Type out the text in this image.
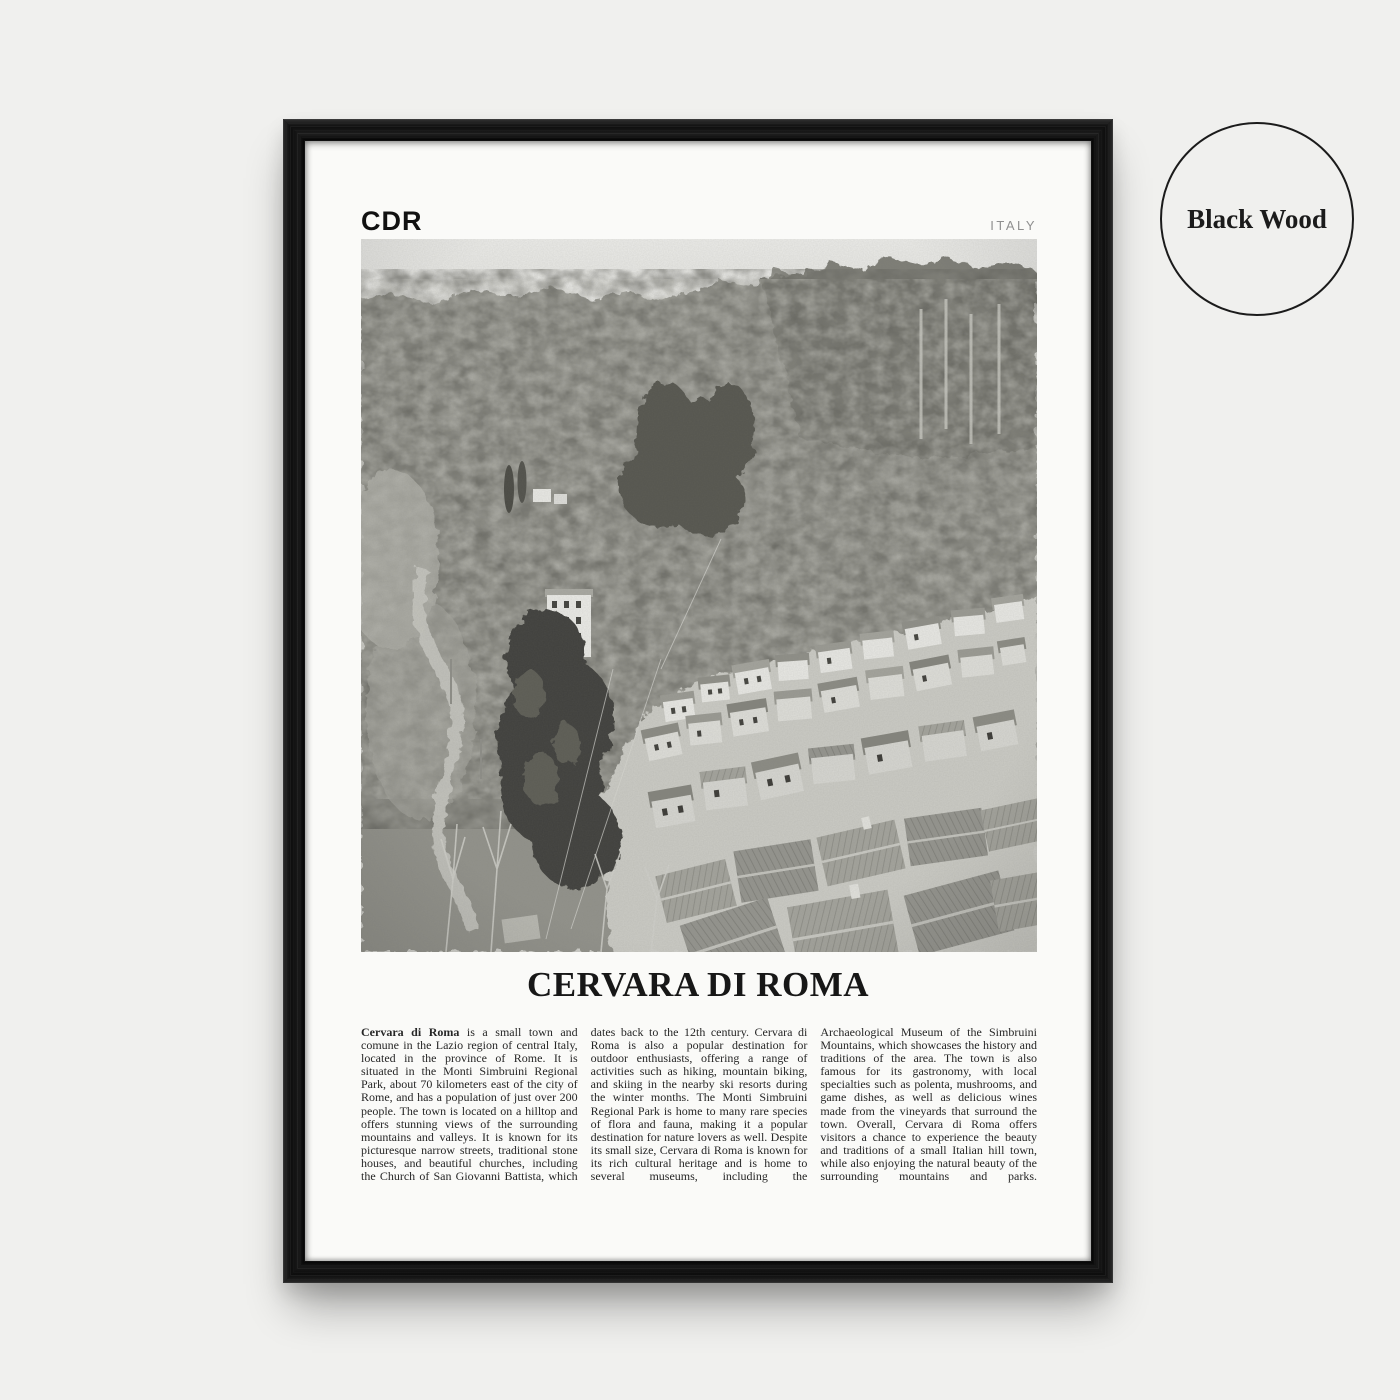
CDR	ITALY
CERVARA DI ROMA
Cervara di Roma is a small town and comune in the Lazio region of central Italy, located in the province of Rome. It is situated in the Monti Simbruini Regional Park, about 70 kilometers east of the city of Rome, and has a population of just over 200 people. The town is located on a hilltop and offers stunning views of the surrounding mountains and valleys. It is known for its picturesque narrow streets, traditional stone houses, and beautiful churches, including the Church of San Giovanni Battista, which
dates back to the 12th century. Cervara di Roma is also a popular destination for outdoor enthusiasts, offering a range of activities such as hiking, mountain biking, and skiing in the nearby ski resorts during the winter months. The Monti Simbruini Regional Park is home to many rare species of flora and fauna, making it a popular destination for nature lovers as well. Despite its small size, Cervara di Roma is known for its rich cultural heritage and is home to several museums, including the
Archaeological Museum of the Simbruini Mountains, which showcases the history and traditions of the area. The town is also famous for its gastronomy, with local specialties such as polenta, mushrooms, and game dishes, as well as delicious wines made from the vineyards that surround the town. Overall, Cervara di Roma offers visitors a chance to experience the beauty and traditions of a small Italian hill town, while also enjoying the natural beauty of the surrounding mountains and parks.
Black Wood
